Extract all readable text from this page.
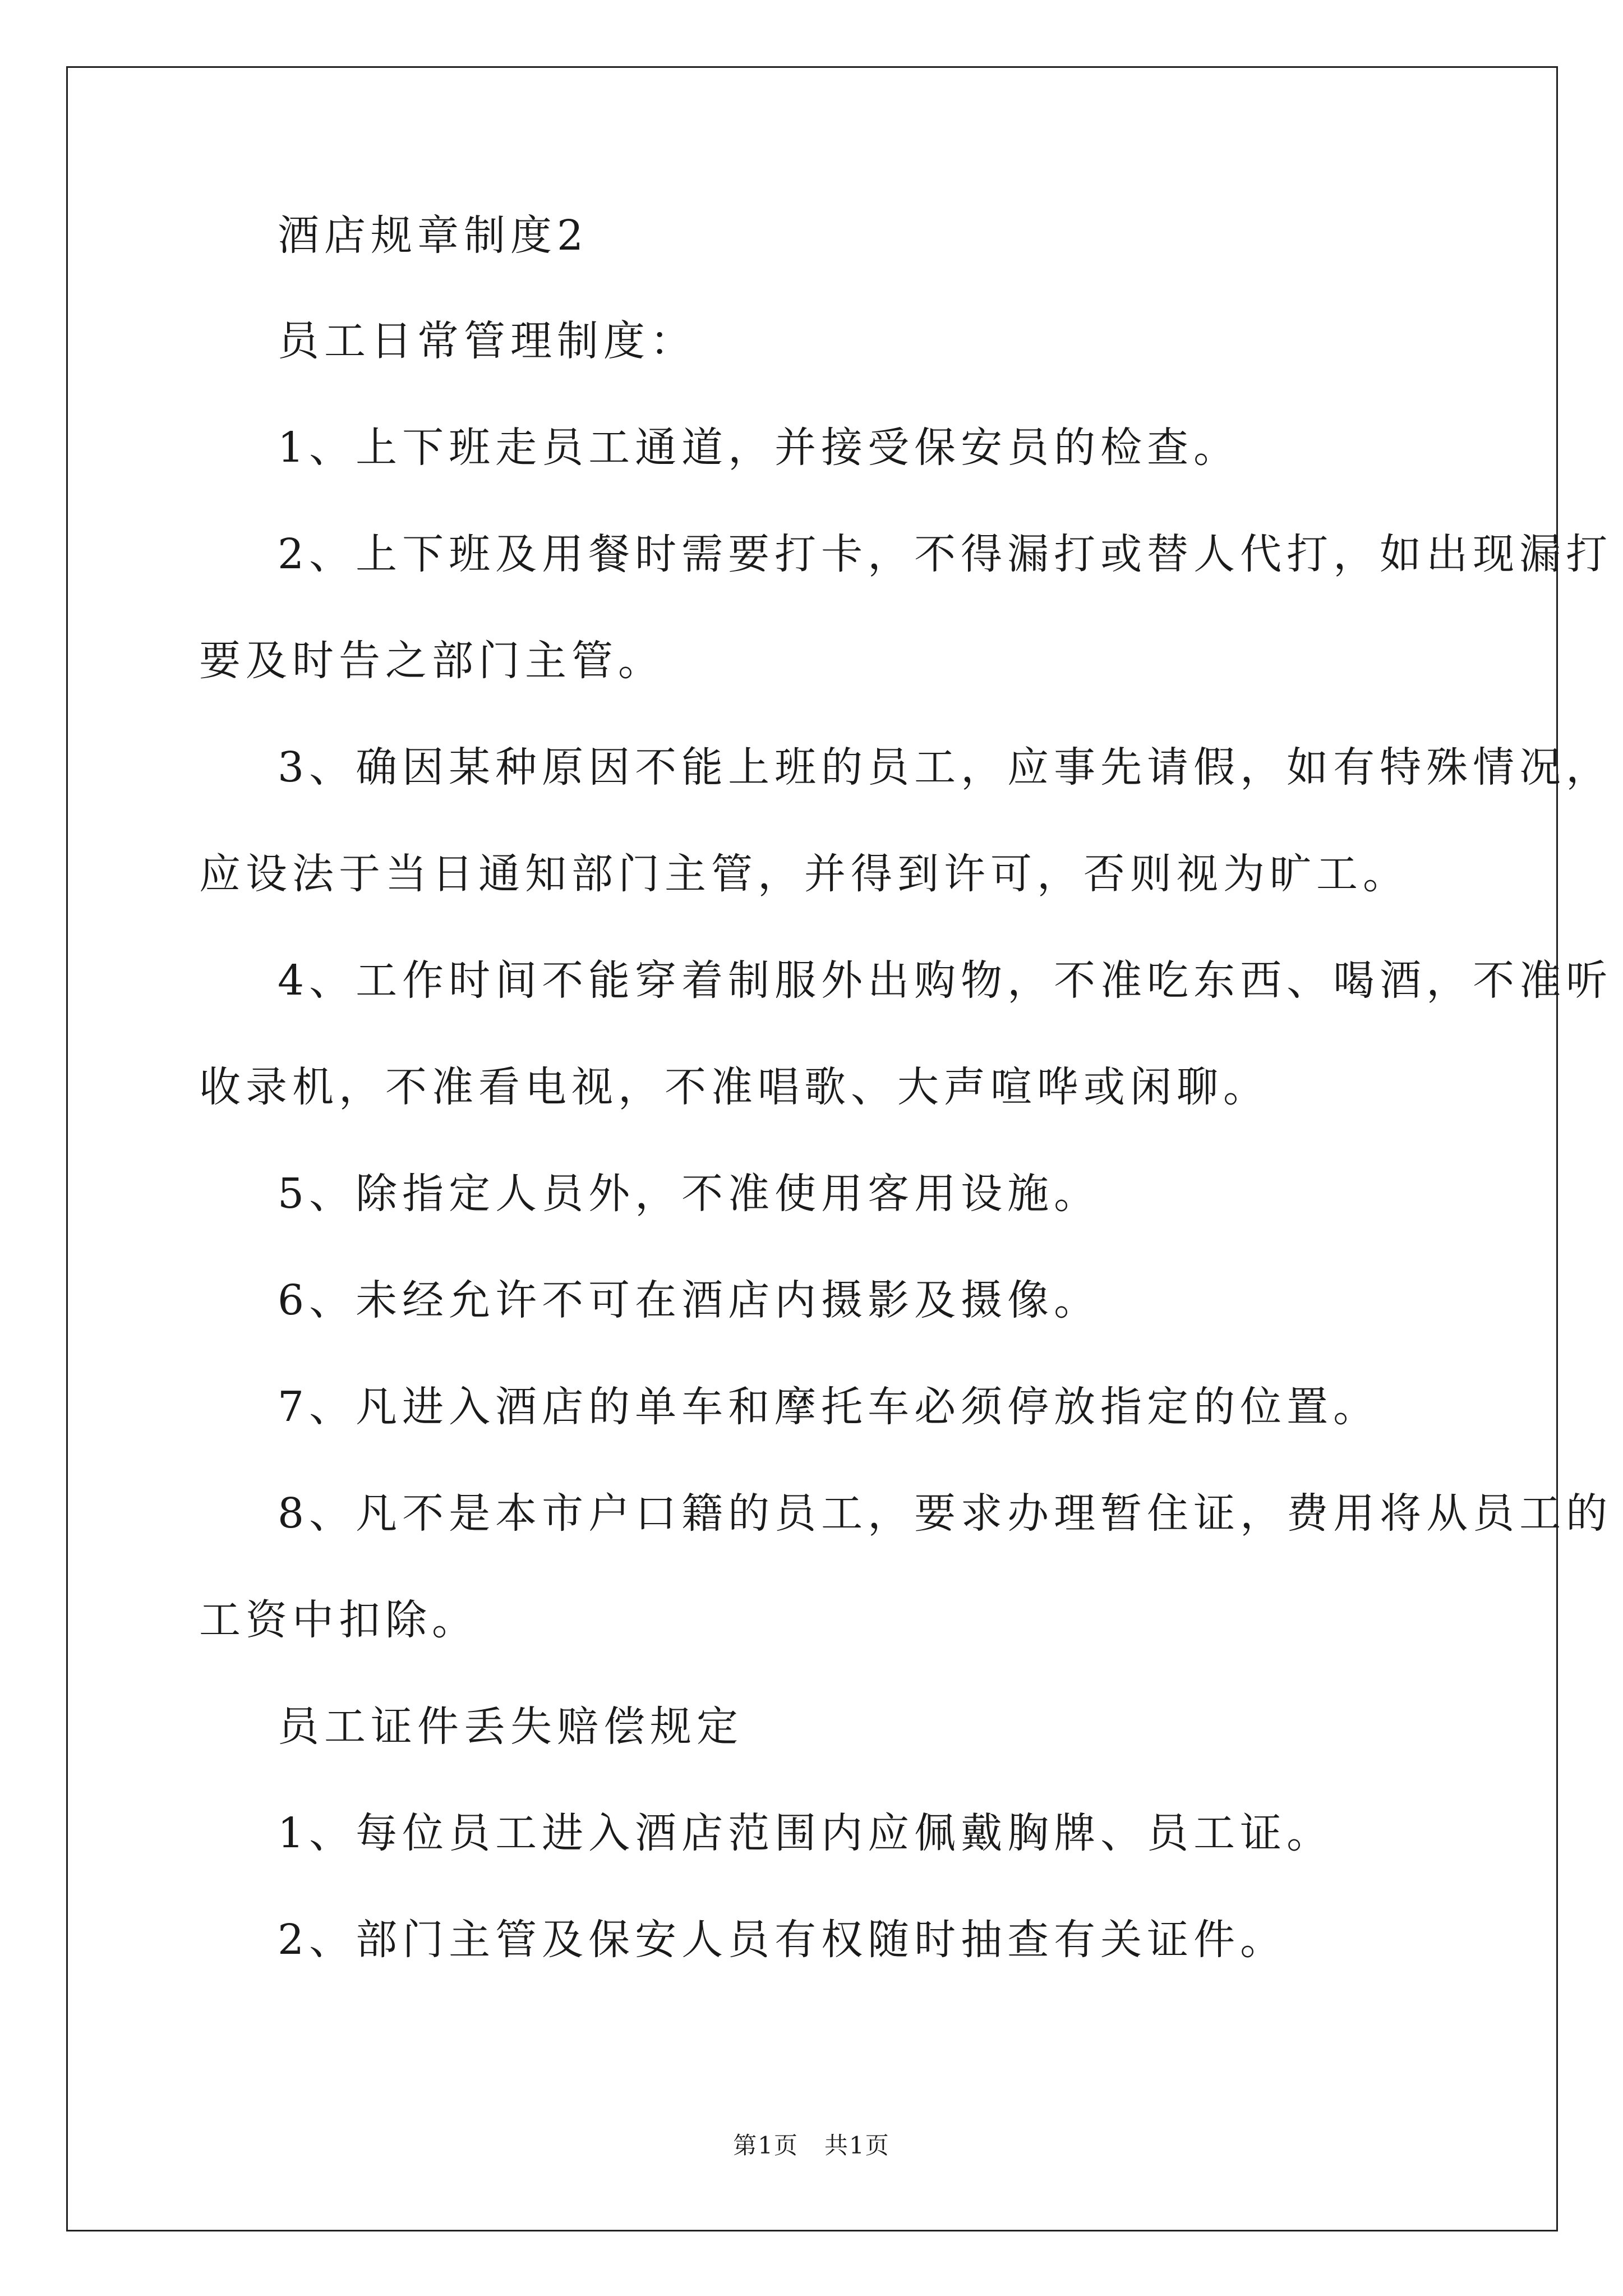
酒店规章制度2
员工日常管理制度：
1、上下班走员工通道，并接受保安员的检查。
2、上下班及用餐时需要打卡，不得漏打或替人代打，如出现漏打
要及时告之部门主管。
3、确因某种原因不能上班的员工，应事先请假，如有特殊情况，
应设法于当日通知部门主管，并得到许可，否则视为旷工。
4、工作时间不能穿着制服外出购物，不准吃东西、喝酒，不准听
收录机，不准看电视，不准唱歌、大声喧哗或闲聊。
5、除指定人员外，不准使用客用设施。
6、未经允许不可在酒店内摄影及摄像。
7、凡进入酒店的单车和摩托车必须停放指定的位置。
8、凡不是本市户口籍的员工，要求办理暂住证，费用将从员工的
工资中扣除。
员工证件丢失赔偿规定
1、每位员工进入酒店范围内应佩戴胸牌、员工证。
2、部门主管及保安人员有权随时抽查有关证件。
第1页   共1页
